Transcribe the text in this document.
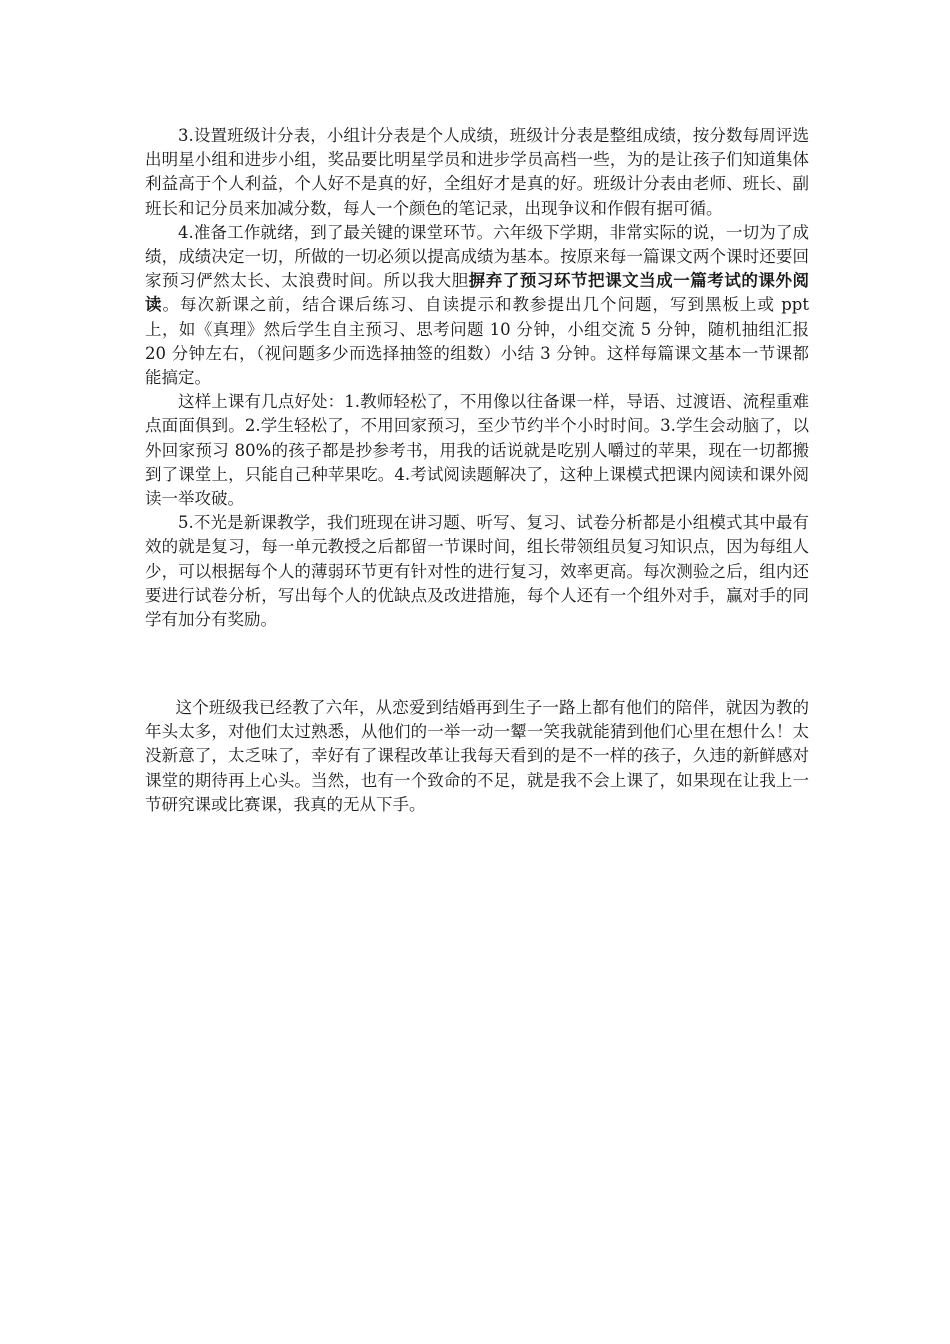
3.设置班级计分表，小组计分表是个人成绩，班级计分表是整组成绩，按分数每周评选出明星小组和进步小组，奖品要比明星学员和进步学员高档一些，为的是让孩子们知道集体利益高于个人利益，个人好不是真的好，全组好才是真的好。班级计分表由老师、班长、副班长和记分员来加减分数，每人一个颜色的笔记录，出现争议和作假有据可循。

4.准备工作就绪，到了最关键的课堂环节。六年级下学期，非常实际的说，一切为了成绩，成绩决定一切，所做的一切必须以提高成绩为基本。按原来每一篇课文两个课时还要回家预习俨然太长、太浪费时间。所以我大胆摒弃了预习环节把课文当成一篇考试的课外阅读。每次新课之前，结合课后练习、自读提示和教参提出几个问题，写到黑板上或 ppt 上，如《真理》然后学生自主预习、思考问题 10 分钟，小组交流 5 分钟，随机抽组汇报 20 分钟左右，（视问题多少而选择抽签的组数）小结 3 分钟。这样每篇课文基本一节课都能搞定。

这样上课有几点好处：1.教师轻松了，不用像以往备课一样，导语、过渡语、流程重难点面面俱到。2.学生轻松了，不用回家预习，至少节约半个小时时间。3.学生会动脑了，以外回家预习 80%的孩子都是抄参考书，用我的话说就是吃别人嚼过的苹果，现在一切都搬到了课堂上，只能自己种苹果吃。4.考试阅读题解决了，这种上课模式把课内阅读和课外阅读一举攻破。

5.不光是新课教学，我们班现在讲习题、听写、复习、试卷分析都是小组模式其中最有效的就是复习，每一单元教授之后都留一节课时间，组长带领组员复习知识点，因为每组人少，可以根据每个人的薄弱环节更有针对性的进行复习，效率更高。每次测验之后，组内还要进行试卷分析，写出每个人的优缺点及改进措施，每个人还有一个组外对手，赢对手的同学有加分有奖励。

这个班级我已经教了六年，从恋爱到结婚再到生子一路上都有他们的陪伴，就因为教的年头太多，对他们太过熟悉，从他们的一举一动一颦一笑我就能猜到他们心里在想什么！太没新意了，太乏味了，幸好有了课程改革让我每天看到的是不一样的孩子，久违的新鲜感对课堂的期待再上心头。当然，也有一个致命的不足，就是我不会上课了，如果现在让我上一节研究课或比赛课，我真的无从下手。
